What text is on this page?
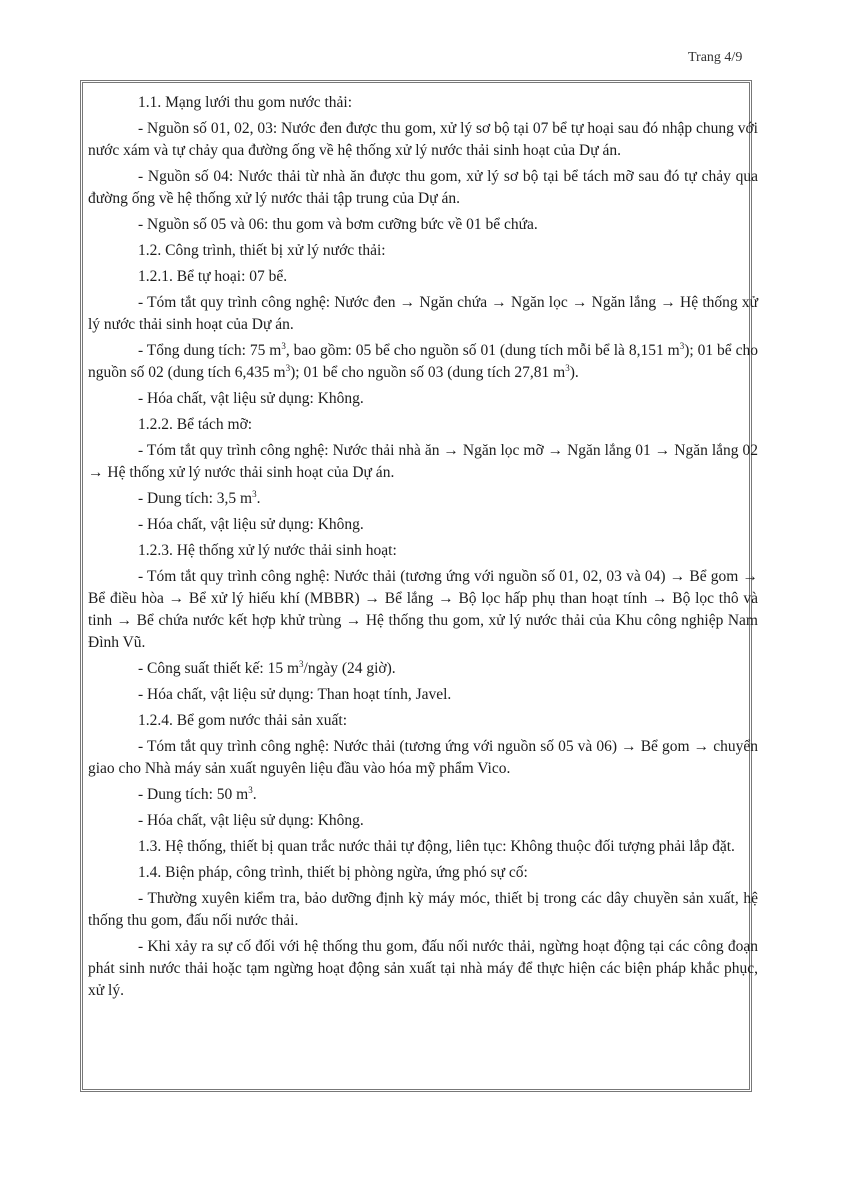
Trang 4/9

1.1. Mạng lưới thu gom nước thải:

- Nguồn số 01, 02, 03: Nước đen được thu gom, xử lý sơ bộ tại 07 bể tự hoại sau đó nhập chung với nước xám và tự chảy qua đường ống về hệ thống xử lý nước thải sinh hoạt của Dự án.

- Nguồn số 04: Nước thải từ nhà ăn được thu gom, xử lý sơ bộ tại bể tách mỡ sau đó tự chảy qua đường ống về hệ thống xử lý nước thải tập trung của Dự án.

- Nguồn số 05 và 06: thu gom và bơm cưỡng bức về 01 bể chứa.

1.2. Công trình, thiết bị xử lý nước thải:

1.2.1. Bể tự hoại: 07 bể.

- Tóm tắt quy trình công nghệ: Nước đen → Ngăn chứa → Ngăn lọc → Ngăn lắng → Hệ thống xử lý nước thải sinh hoạt của Dự án.

- Tổng dung tích: 75 $m^3$, bao gồm: 05 bể cho nguồn số 01 (dung tích mỗi bể là 8,151 $m^3$); 01 bể cho nguồn số 02 (dung tích 6,435 $m^3$); 01 bể cho nguồn số 03 (dung tích 27,81 $m^3$).

- Hóa chất, vật liệu sử dụng: Không.

1.2.2. Bể tách mỡ:

- Tóm tắt quy trình công nghệ: Nước thải nhà ăn → Ngăn lọc mỡ → Ngăn lắng 01 → Ngăn lắng 02 → Hệ thống xử lý nước thải sinh hoạt của Dự án.

- Dung tích: 3,5 $m^3$.

- Hóa chất, vật liệu sử dụng: Không.

1.2.3. Hệ thống xử lý nước thải sinh hoạt:

- Tóm tắt quy trình công nghệ: Nước thải (tương ứng với nguồn số 01, 02, 03 và 04) → Bể gom → Bể điều hòa → Bể xử lý hiếu khí (MBBR) → Bể lắng → Bộ lọc hấp phụ than hoạt tính → Bộ lọc thô và tinh → Bể chứa nước kết hợp khử trùng → Hệ thống thu gom, xử lý nước thải của Khu công nghiệp Nam Đình Vũ.

- Công suất thiết kế: 15 $m^3$/ngày (24 giờ).

- Hóa chất, vật liệu sử dụng: Than hoạt tính, Javel.

1.2.4. Bể gom nước thải sản xuất:

- Tóm tắt quy trình công nghệ: Nước thải (tương ứng với nguồn số 05 và 06) → Bể gom → chuyển giao cho Nhà máy sản xuất nguyên liệu đầu vào hóa mỹ phẩm Vico.

- Dung tích: 50 $m^3$.

- Hóa chất, vật liệu sử dụng: Không.

1.3. Hệ thống, thiết bị quan trắc nước thải tự động, liên tục: Không thuộc đối tượng phải lắp đặt.

1.4. Biện pháp, công trình, thiết bị phòng ngừa, ứng phó sự cố:

- Thường xuyên kiểm tra, bảo dưỡng định kỳ máy móc, thiết bị trong các dây chuyền sản xuất, hệ thống thu gom, đấu nối nước thải.

- Khi xảy ra sự cố đối với hệ thống thu gom, đấu nối nước thải, ngừng hoạt động tại các công đoạn phát sinh nước thải hoặc tạm ngừng hoạt động sản xuất tại nhà máy để thực hiện các biện pháp khắc phục, xử lý.
